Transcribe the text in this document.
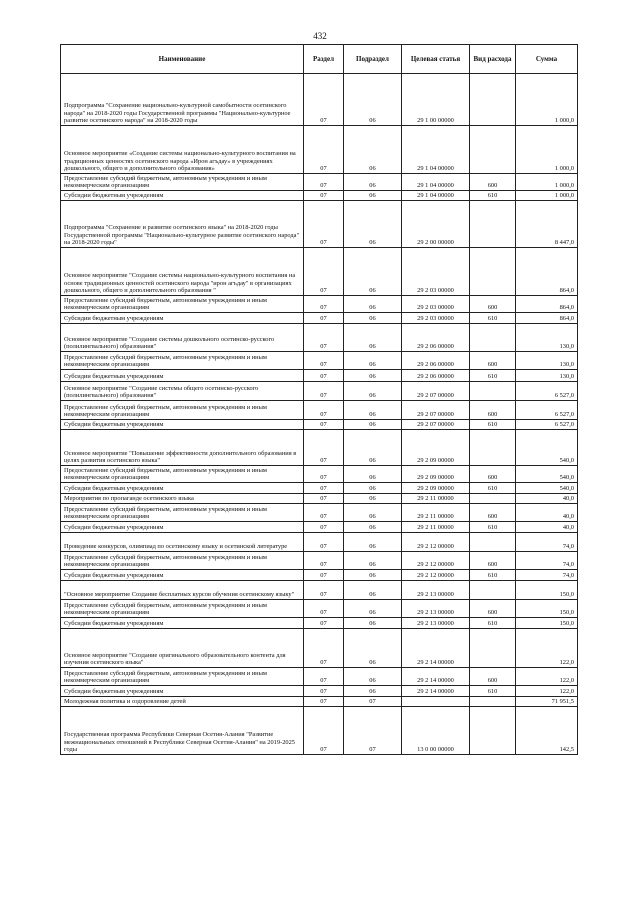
432
Наименование	Раздел	Подраздел	Целевая статья	Вид расхода	Сумма
Подпрограмма "Сохранение национально-культурной самобытности осетинского народа" на 2018-2020 годы Государственной программы "Национально-культурное развитие осетинского народа" на 2018-2020 годы	07	06	29 1 00 00000		1 000,0
Основное мероприятие «Создание системы национально-культурного воспитания на традиционных ценностях осетинского народа «Ирон агъдау» в учреждениях дошкольного, общего и дополнительного образования»	07	06	29 1 04 00000		1 000,0
Предоставление субсидий бюджетным, автономным учреждениям и иным некоммерческим организациям	07	06	29 1 04 00000	600	1 000,0
Субсидии бюджетным учреждениям	07	06	29 1 04 00000	610	1 000,0
Подпрограмма "Сохранение и развитие осетинского языка" на 2018-2020 годы Государственной программы "Национально-культурное развитие осетинского народа" на 2018-2020 годы"	07	06	29 2 00 00000		8 447,0
Основное мероприятие "Создание системы национально-культурного воспитания на основе традиционных ценностей осетинского народа "ирон агъдау" в организациях дошкольного, общего и дополнительного образования "	07	06	29 2 03 00000		864,0
Предоставление субсидий бюджетным, автономным учреждениям и иным некоммерческим организациям	07	06	29 2 03 00000	600	864,0
Субсидии бюджетным учреждениям	07	06	29 2 03 00000	610	864,0
Основное мероприятие "Создание системы дошкольного осетинско-русского (полилингвального) образования"	07	06	29 2 06 00000		130,0
Предоставление субсидий бюджетным, автономным учреждениям и иным некоммерческим организациям	07	06	29 2 06 00000	600	130,0
Субсидии бюджетным учреждениям	07	06	29 2 06 00000	610	130,0
Основное мероприятие "Создание системы общего осетинско-русского (полилингвального) образования"	07	06	29 2 07 00000		6 527,0
Предоставление субсидий бюджетным, автономным учреждениям и иным некоммерческим организациям	07	06	29 2 07 00000	600	6 527,0
Субсидии бюджетным учреждениям	07	06	29 2 07 00000	610	6 527,0
Основное мероприятие "Повышение эффективности дополнительного образования в целях развития осетинского языка"	07	06	29 2 09 00000		540,0
Предоставление субсидий бюджетным, автономным учреждениям и иным некоммерческим организациям	07	06	29 2 09 00000	600	540,0
Субсидии бюджетным учреждениям	07	06	29 2 09 00000	610	540,0
Мероприятия по пропаганде осетинского языка	07	06	29 2 11 00000		40,0
Предоставление субсидий бюджетным, автономным учреждениям и иным некоммерческим организациям	07	06	29 2 11 00000	600	40,0
Субсидии бюджетным учреждениям	07	06	29 2 11 00000	610	40,0
Проведение конкурсов, олимпиад по осетинскому языку и осетинской литературе	07	06	29 2 12 00000		74,0
Предоставление субсидий бюджетным, автономным учреждениям и иным некоммерческим организациям	07	06	29 2 12 00000	600	74,0
Субсидии бюджетным учреждениям	07	06	29 2 12 00000	610	74,0
"Основное мероприятие Создание бесплатных курсов обучения осетинскому языку"	07	06	29 2 13 00000		150,0
Предоставление субсидий бюджетным, автономным учреждениям и иным некоммерческим организациям	07	06	29 2 13 00000	600	150,0
Субсидии бюджетным учреждениям	07	06	29 2 13 00000	610	150,0
Основное мероприятие "Создание оригинального образовательного контента для изучения осетинского языка"	07	06	29 2 14 00000		122,0
Предоставление субсидий бюджетным, автономным учреждениям и иным некоммерческим организациям	07	06	29 2 14 00000	600	122,0
Субсидии бюджетным учреждениям	07	06	29 2 14 00000	610	122,0
Молодежная политика и оздоровление детей	07	07			71 951,5
Государственная программа Республики Северная Осетия-Алания "Развитие межнациональных отношений в Республике Северная Осетия-Алания" на 2019-2025 годы	07	07	13 0 00 00000		142,5
